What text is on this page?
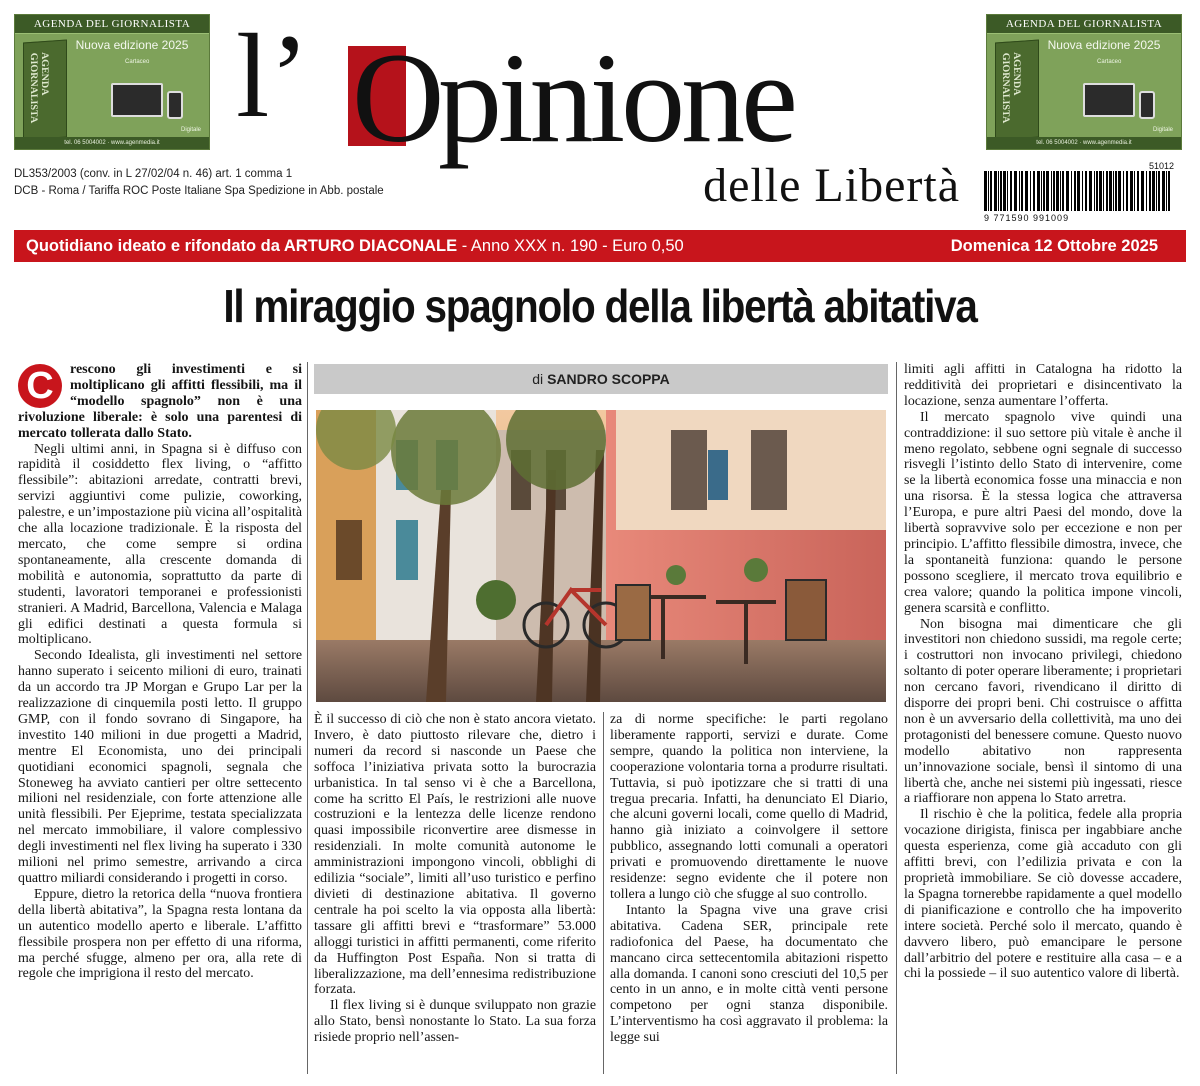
AGENDA DEL GIORNALISTA
Nuova edizione 2025
AGENDA GIORNALISTA	Cartaceo
Digitale
tel. 06 5004002 · www.agenmedia.it
AGENDA DEL GIORNALISTA
Nuova edizione 2025
AGENDA GIORNALISTA	Cartaceo
Digitale
tel. 06 5004002 · www.agenmedia.it
l’ O
pinione
delle Libertà
DL353/2003 (conv. in L 27/02/04 n. 46) art. 1 comma 1
DCB - Roma / Tariffa ROC Poste Italiane Spa Spedizione in Abb. postale
51012
9 771590 991009
Quotidiano ideato e rifondato da ARTURO DIACONALE - Anno XXX n. 190 - Euro 0,50	Domenica 12 Ottobre 2025
Il miraggio spagnolo della libertà abitativa

C	rescono gli investimenti e si moltiplicano gli affitti flessibili, ma il “modello spagnolo” non è una rivoluzione liberale: è solo una parentesi di mercato tollerata dallo Stato.

Negli ultimi anni, in Spagna si è diffuso con rapidità il cosiddetto flex living, o “affitto flessibile”: abitazioni arredate, contratti brevi, servizi aggiuntivi come pulizie, coworking, palestre, e un’impostazione più vicina all’ospitalità che alla locazione tradizionale. È la risposta del mercato, che come sempre si ordina spontaneamente, alla crescente domanda di mobilità e autonomia, soprattutto da parte di studenti, lavoratori temporanei e professionisti stranieri. A Madrid, Barcellona, Valencia e Malaga gli edifici destinati a questa formula si moltiplicano.

Secondo Idealista, gli investimenti nel settore hanno superato i seicento milioni di euro, trainati da un accordo tra JP Morgan e Grupo Lar per la realizzazione di cinquemila posti letto. Il gruppo GMP, con il fondo sovrano di Singapore, ha investito 140 milioni in due progetti a Madrid, mentre El Economista, uno dei principali quotidiani economici spagnoli, segnala che Stoneweg ha avviato cantieri per oltre settecento milioni nel residenziale, con forte attenzione alle unità flessibili. Per Ejeprime, testata specializzata nel mercato immobiliare, il valore complessivo degli investimenti nel flex living ha superato i 330 milioni nel primo semestre, arrivando a circa quattro miliardi considerando i progetti in corso.

Eppure, dietro la retorica della “nuova frontiera della libertà abitativa”, la Spagna resta lontana da un autentico modello aperto e liberale. L’affitto flessibile prospera non per effetto di una riforma, ma perché sfugge, almeno per ora, alla rete di regole che imprigiona il resto del mercato.

di SANDRO SCOPPA

È il successo di ciò che non è stato ancora vietato. Invero, è dato piuttosto rilevare che, dietro i numeri da record si nasconde un Paese che soffoca l’iniziativa privata sotto la burocrazia urbanistica. In tal senso vi è che a Barcellona, come ha scritto El País, le restrizioni alle nuove costruzioni e la lentezza delle licenze rendono quasi impossibile riconvertire aree dismesse in residenziali. In molte comunità autonome le amministrazioni impongono vincoli, obblighi di edilizia “sociale”, limiti all’uso turistico e perfino divieti di destinazione abitativa. Il governo centrale ha poi scelto la via opposta alla libertà: tassare gli affitti brevi e “trasformare” 53.000 alloggi turistici in affitti permanenti, come riferito da Huffington Post España. Non si tratta di liberalizzazione, ma dell’ennesima redistribuzione forzata.

Il flex living si è dunque sviluppato non grazie allo Stato, bensì nonostante lo Stato. La sua forza risiede proprio nell’assen-

za di norme specifiche: le parti regolano liberamente rapporti, servizi e durate. Come sempre, quando la politica non interviene, la cooperazione volontaria torna a produrre risultati. Tuttavia, si può ipotizzare che si tratti di una tregua precaria. Infatti, ha denunciato El Diario, che alcuni governi locali, come quello di Madrid, hanno già iniziato a coinvolgere il settore pubblico, assegnando lotti comunali a operatori privati e promuovendo direttamente le nuove residenze: segno evidente che il potere non tollera a lungo ciò che sfugge al suo controllo.

Intanto la Spagna vive una grave crisi abitativa. Cadena SER, principale rete radiofonica del Paese, ha documentato che mancano circa settecentomila abitazioni rispetto alla domanda. I canoni sono cresciuti del 10,5 per cento in un anno, e in molte città venti persone competono per ogni stanza disponibile. L’interventismo ha così aggravato il problema: la legge sui

limiti agli affitti in Catalogna ha ridotto la redditività dei proprietari e disincentivato la locazione, senza aumentare l’offerta.

Il mercato spagnolo vive quindi una contraddizione: il suo settore più vitale è anche il meno regolato, sebbene ogni segnale di successo risvegli l’istinto dello Stato di intervenire, come se la libertà economica fosse una minaccia e non una risorsa. È la stessa logica che attraversa l’Europa, e pure altri Paesi del mondo, dove la libertà sopravvive solo per eccezione e non per principio. L’affitto flessibile dimostra, invece, che la spontaneità funziona: quando le persone possono scegliere, il mercato trova equilibrio e crea valore; quando la politica impone vincoli, genera scarsità e conflitto.

Non bisogna mai dimenticare che gli investitori non chiedono sussidi, ma regole certe; i costruttori non invocano privilegi, chiedono soltanto di poter operare liberamente; i proprietari non cercano favori, rivendicano il diritto di disporre dei propri beni. Chi costruisce o affitta non è un avversario della collettività, ma uno dei protagonisti del benessere comune. Questo nuovo modello abitativo non rappresenta un’innovazione sociale, bensì il sintomo di una libertà che, anche nei sistemi più ingessati, riesce a riaffiorare non appena lo Stato arretra.

Il rischio è che la politica, fedele alla propria vocazione dirigista, finisca per ingabbiare anche questa esperienza, come già accaduto con gli affitti brevi, con l’edilizia privata e con la proprietà immobiliare. Se ciò dovesse accadere, la Spagna tornerebbe rapidamente a quel modello di pianificazione e controllo che ha impoverito intere società. Perché solo il mercato, quando è davvero libero, può emancipare le persone dall’arbitrio del potere e restituire alla casa – e a chi la possiede – il suo autentico valore di libertà.
